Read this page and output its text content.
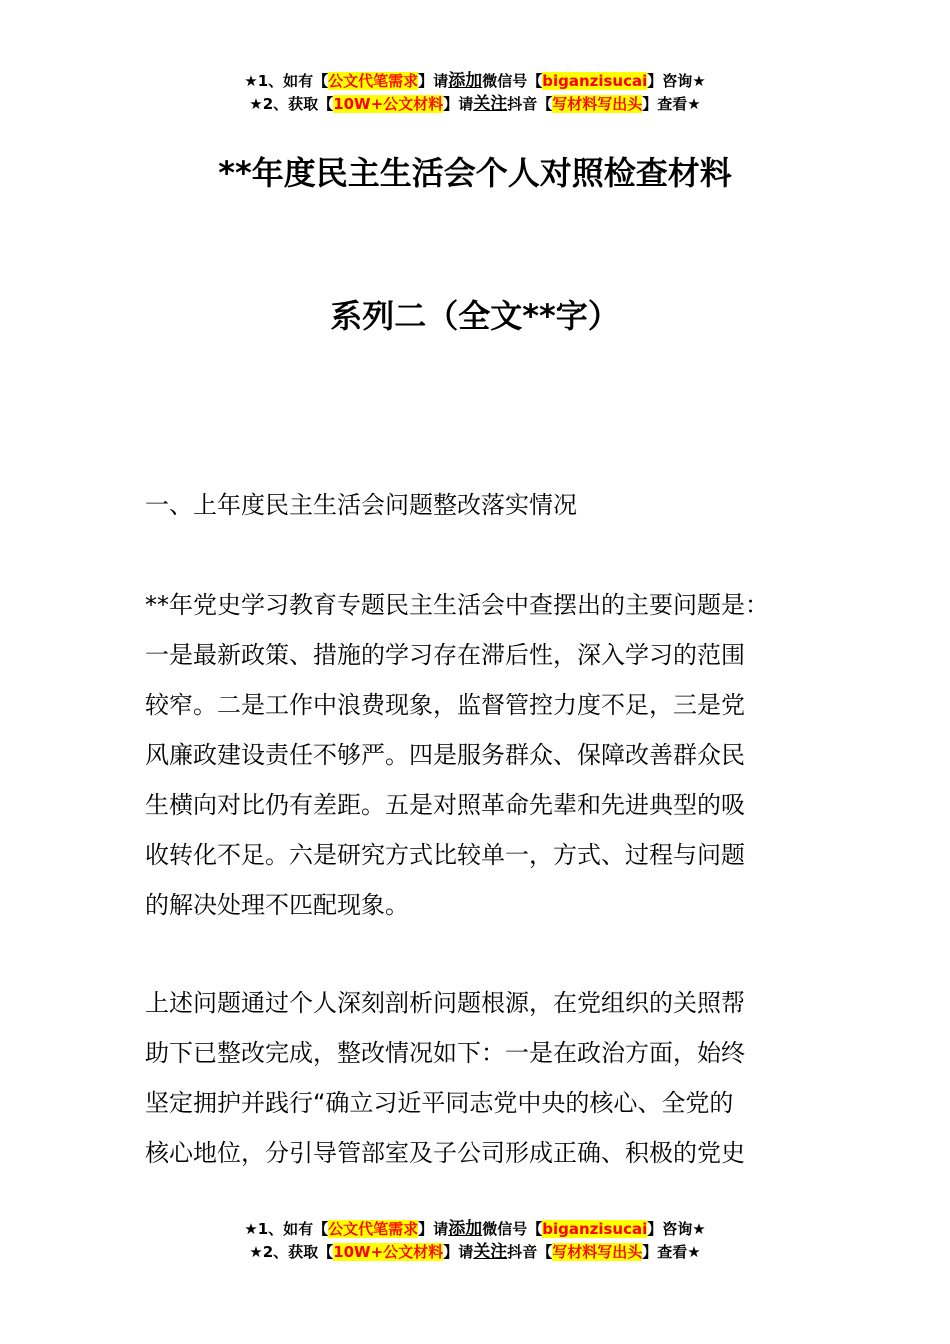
★1、如有【公文代笔需求】请添加微信号【biganzisucai】咨询★
★2、获取【10W+公文材料】请关注抖音【写材料写出头】查看★
**年度民主生活会个人对照检查材料
系列二（全文**字）

一、上年度民主生活会问题整改落实情况

**年党史学习教育专题民主生活会中查摆出的主要问题是：
一是最新政策、措施的学习存在滞后性，深入学习的范围
较窄。二是工作中浪费现象，监督管控力度不足，三是党
风廉政建设责任不够严。四是服务群众、保障改善群众民
生横向对比仍有差距。五是对照革命先辈和先进典型的吸
收转化不足。六是研究方式比较单一，方式、过程与问题
的解决处理不匹配现象。
上述问题通过个人深刻剖析问题根源，在党组织的关照帮
助下已整改完成，整改情况如下：一是在政治方面，始终
坚定拥护并践行“确立习近平同志党中央的核心、全党的
核心地位，分引导管部室及子公司形成正确、积极的党史
★1、如有【公文代笔需求】请添加微信号【biganzisucai】咨询★
★2、获取【10W+公文材料】请关注抖音【写材料写出头】查看★
